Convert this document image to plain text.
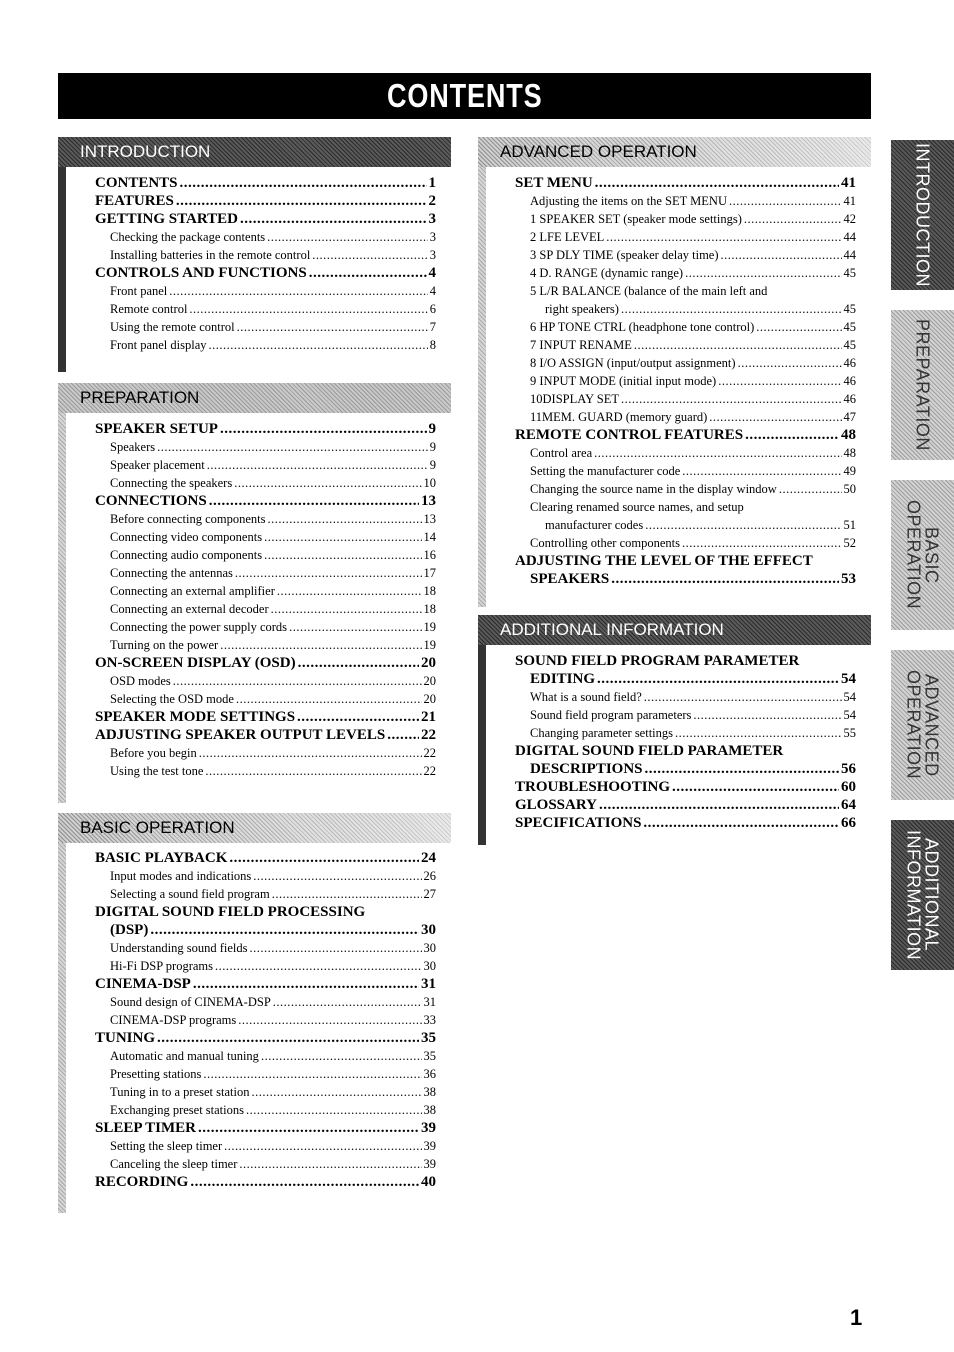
CONTENTS
INTRODUCTION
CONTENTS .....	1
FEATURES .....	2
GETTING STARTED .....	3
Checking the package contents .....	3
Installing batteries in the remote control .....	3
CONTROLS AND FUNCTIONS .....	4
Front panel .....	4
Remote control .....	6
Using the remote control .....	7
Front panel display .....	8
PREPARATION
SPEAKER SETUP .....	9
Speakers .....	9
Speaker placement .....	9
Connecting the speakers .....	10
CONNECTIONS .....	13
Before connecting components .....	13
Connecting video components .....	14
Connecting audio components .....	16
Connecting the antennas .....	17
Connecting an external amplifier .....	18
Connecting an external decoder .....	18
Connecting the power supply cords .....	19
Turning on the power .....	19
ON-SCREEN DISPLAY (OSD) .....	20
OSD modes .....	20
Selecting the OSD mode .....	20
SPEAKER MODE SETTINGS .....	21
ADJUSTING SPEAKER OUTPUT LEVELS ..... 22
Before you begin .....	22
Using the test tone .....	22
BASIC OPERATION
BASIC PLAYBACK .....	24
Input modes and indications .....	26
Selecting a sound field program .....	27
DIGITAL SOUND FIELD PROCESSING
(DSP) .....	30
Understanding sound fields .....	30
Hi-Fi DSP programs .....	30
CINEMA-DSP .....	31
Sound design of CINEMA-DSP .....	31
CINEMA-DSP programs .....	33
TUNING .....	35
Automatic and manual tuning .....	35
Presetting stations .....	36
Tuning in to a preset station .....	38
Exchanging preset stations .....	38
SLEEP TIMER .....	39
Setting the sleep timer .....	39
Canceling the sleep timer .....	39
RECORDING .....	40
ADVANCED OPERATION
SET MENU .....	41
Adjusting the items on the SET MENU .....	41
1 SPEAKER SET (speaker mode settings) .....	42
2 LFE LEVEL .....	44
3 SP DLY TIME (speaker delay time) .....	44
4 D. RANGE (dynamic range) .....	45
5 L/R BALANCE (balance of the main left and
right speakers) .....	45
6 HP TONE CTRL (headphone tone control) .....	45
7 INPUT RENAME .....	45
8 I/O ASSIGN (input/output assignment) .....	46
9 INPUT MODE (initial input mode) .....	46
10DISPLAY SET .....	46
11MEM. GUARD (memory guard) .....	47
REMOTE CONTROL FEATURES .....	48
Control area .....	48
Setting the manufacturer code .....	49
Changing the source name in the display window .....	50
Clearing renamed source names, and setup
manufacturer codes .....	51
Controlling other components .....	52
ADJUSTING THE LEVEL OF THE EFFECT
SPEAKERS .....	53
ADDITIONAL INFORMATION
SOUND FIELD PROGRAM PARAMETER
EDITING .....	54
What is a sound field? .....	54
Sound field program parameters .....	54
Changing parameter settings .....	55
DIGITAL SOUND FIELD PARAMETER
DESCRIPTIONS .....	56
TROUBLESHOOTING .....	60
GLOSSARY .....	64
SPECIFICATIONS .....	66
INTRODUCTION
PREPARATION
BASIC
OPERATION
ADVANCED
OPERATION
ADDITIONAL
INFORMATION
1
